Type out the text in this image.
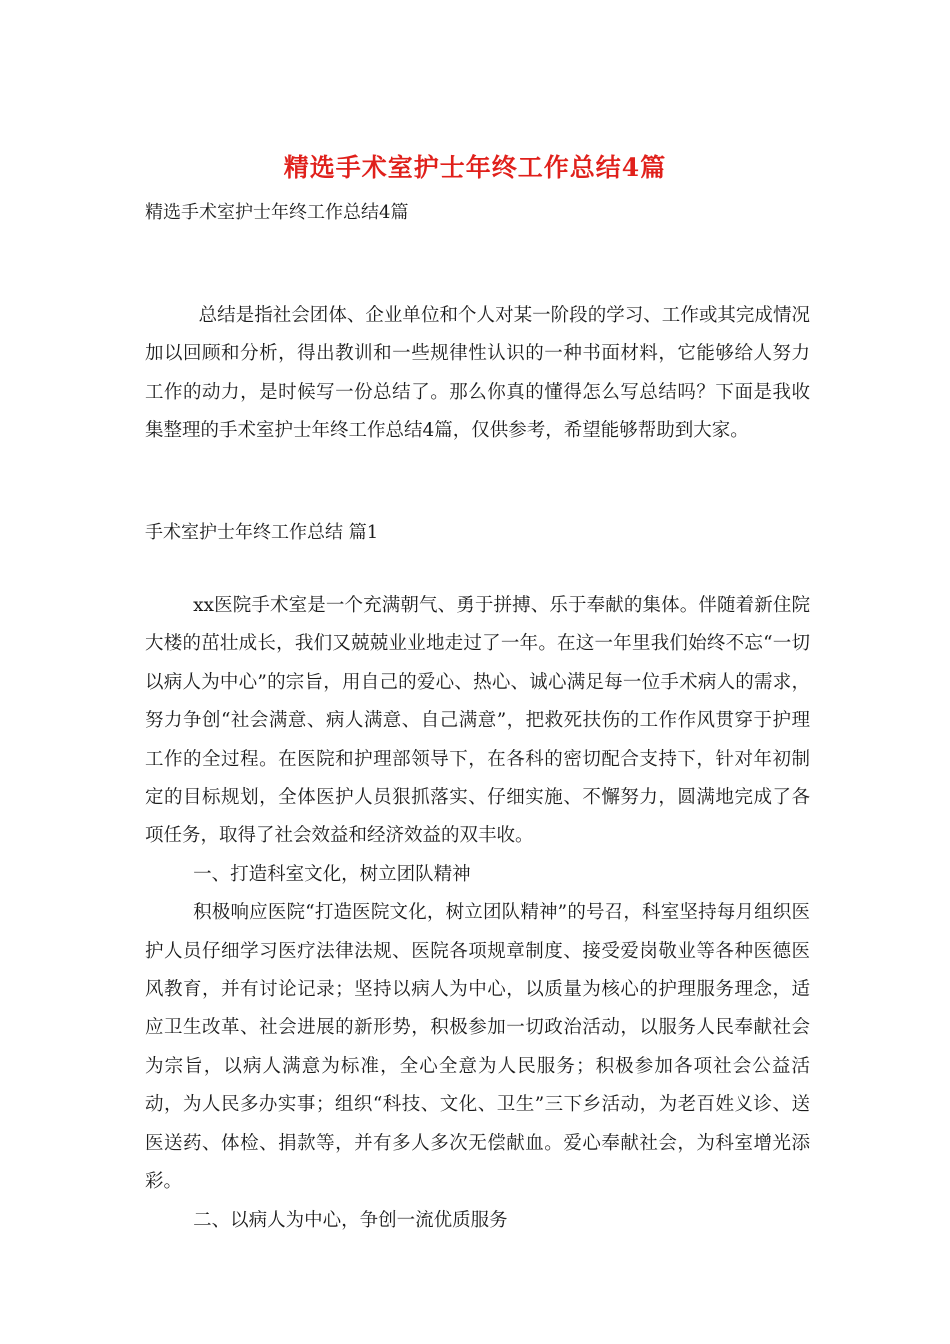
精选手术室护士年终工作总结4篇
精选手术室护士年终工作总结4篇

总结是指社会团体、企业单位和个人对某一阶段的学习、工作或其完成情况加以回顾和分析，得出教训和一些规律性认识的一种书面材料，它能够给人努力工作的动力，是时候写一份总结了。那么你真的懂得怎么写总结吗？下面是我收集整理的手术室护士年终工作总结4篇，仅供参考，希望能够帮助到大家。

手术室护士年终工作总结 篇1

xx医院手术室是一个充满朝气、勇于拼搏、乐于奉献的集体。伴随着新住院大楼的茁壮成长，我们又兢兢业业地走过了一年。在这一年里我们始终不忘“一切以病人为中心”的宗旨，用自己的爱心、热心、诚心满足每一位手术病人的需求，努力争创“社会满意、病人满意、自己满意”，把救死扶伤的工作作风贯穿于护理工作的全过程。在医院和护理部领导下，在各科的密切配合支持下，针对年初制定的目标规划，全体医护人员狠抓落实、仔细实施、不懈努力，圆满地完成了各项任务，取得了社会效益和经济效益的双丰收。

一、打造科室文化，树立团队精神

积极响应医院“打造医院文化，树立团队精神”的号召，科室坚持每月组织医护人员仔细学习医疗法律法规、医院各项规章制度、接受爱岗敬业等各种医德医风教育，并有讨论记录；坚持以病人为中心，以质量为核心的护理服务理念，适应卫生改革、社会进展的新形势，积极参加一切政治活动，以服务人民奉献社会为宗旨，以病人满意为标准，全心全意为人民服务；积极参加各项社会公益活动，为人民多办实事；组织“科技、文化、卫生”三下乡活动，为老百姓义诊、送医送药、体检、捐款等，并有多人多次无偿献血。爱心奉献社会，为科室增光添彩。

二、以病人为中心，争创一流优质服务
